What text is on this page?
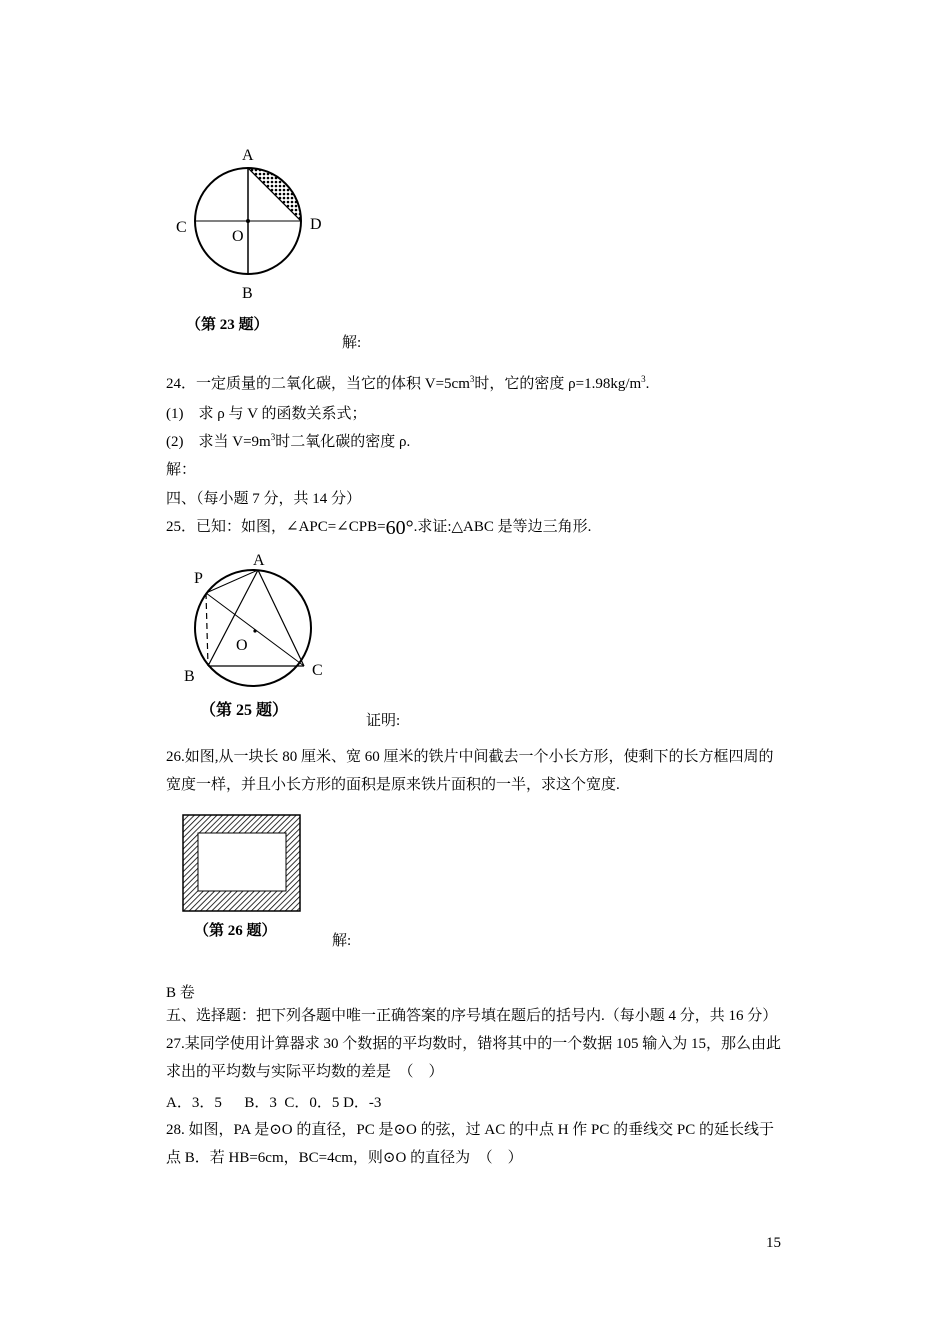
A
B
C	D
O
（第 23 题）
解:
24．一定质量的二氧化碳，当它的体积 $V=5cm^3$时，它的密度 $\rho=1.98kg/m^3$.
(1)　求 ρ 与 V 的函数关系式；
(2)　求当 $V=9m^3$时二氧化碳的密度 ρ.
解：
四、（每小题 7 分，共 14 分）
25．已知：如图，∠APC=∠CPB=60°.求证:△ABC 是等边三角形.
A
P
O
B	C
（第 25 题）
证明:
26.如图,从一块长 80 厘米、宽 60 厘米的铁片中间截去一个小长方形，使剩下的长方框四周的宽度一样，并且小长方形的面积是原来铁片面积的一半，求这个宽度.
（第 26 题）
解:
B 卷
五、选择题：把下列各题中唯一正确答案的序号填在题后的括号内.（每小题 4 分，共 16 分）27.某同学使用计算器求 30 个数据的平均数时，错将其中的一个数据 105 输入为 15，那么由此求出的平均数与实际平均数的差是　（　）
A．3．5　  B．3  C．0．5 D．-3
28. 如图，PA 是⊙O 的直径，PC 是⊙O 的弦，过 AC 的中点 H 作 PC 的垂线交 PC 的延长线于点 B．若 HB=6cm，BC=4cm，则⊙O 的直径为　（　）
15
